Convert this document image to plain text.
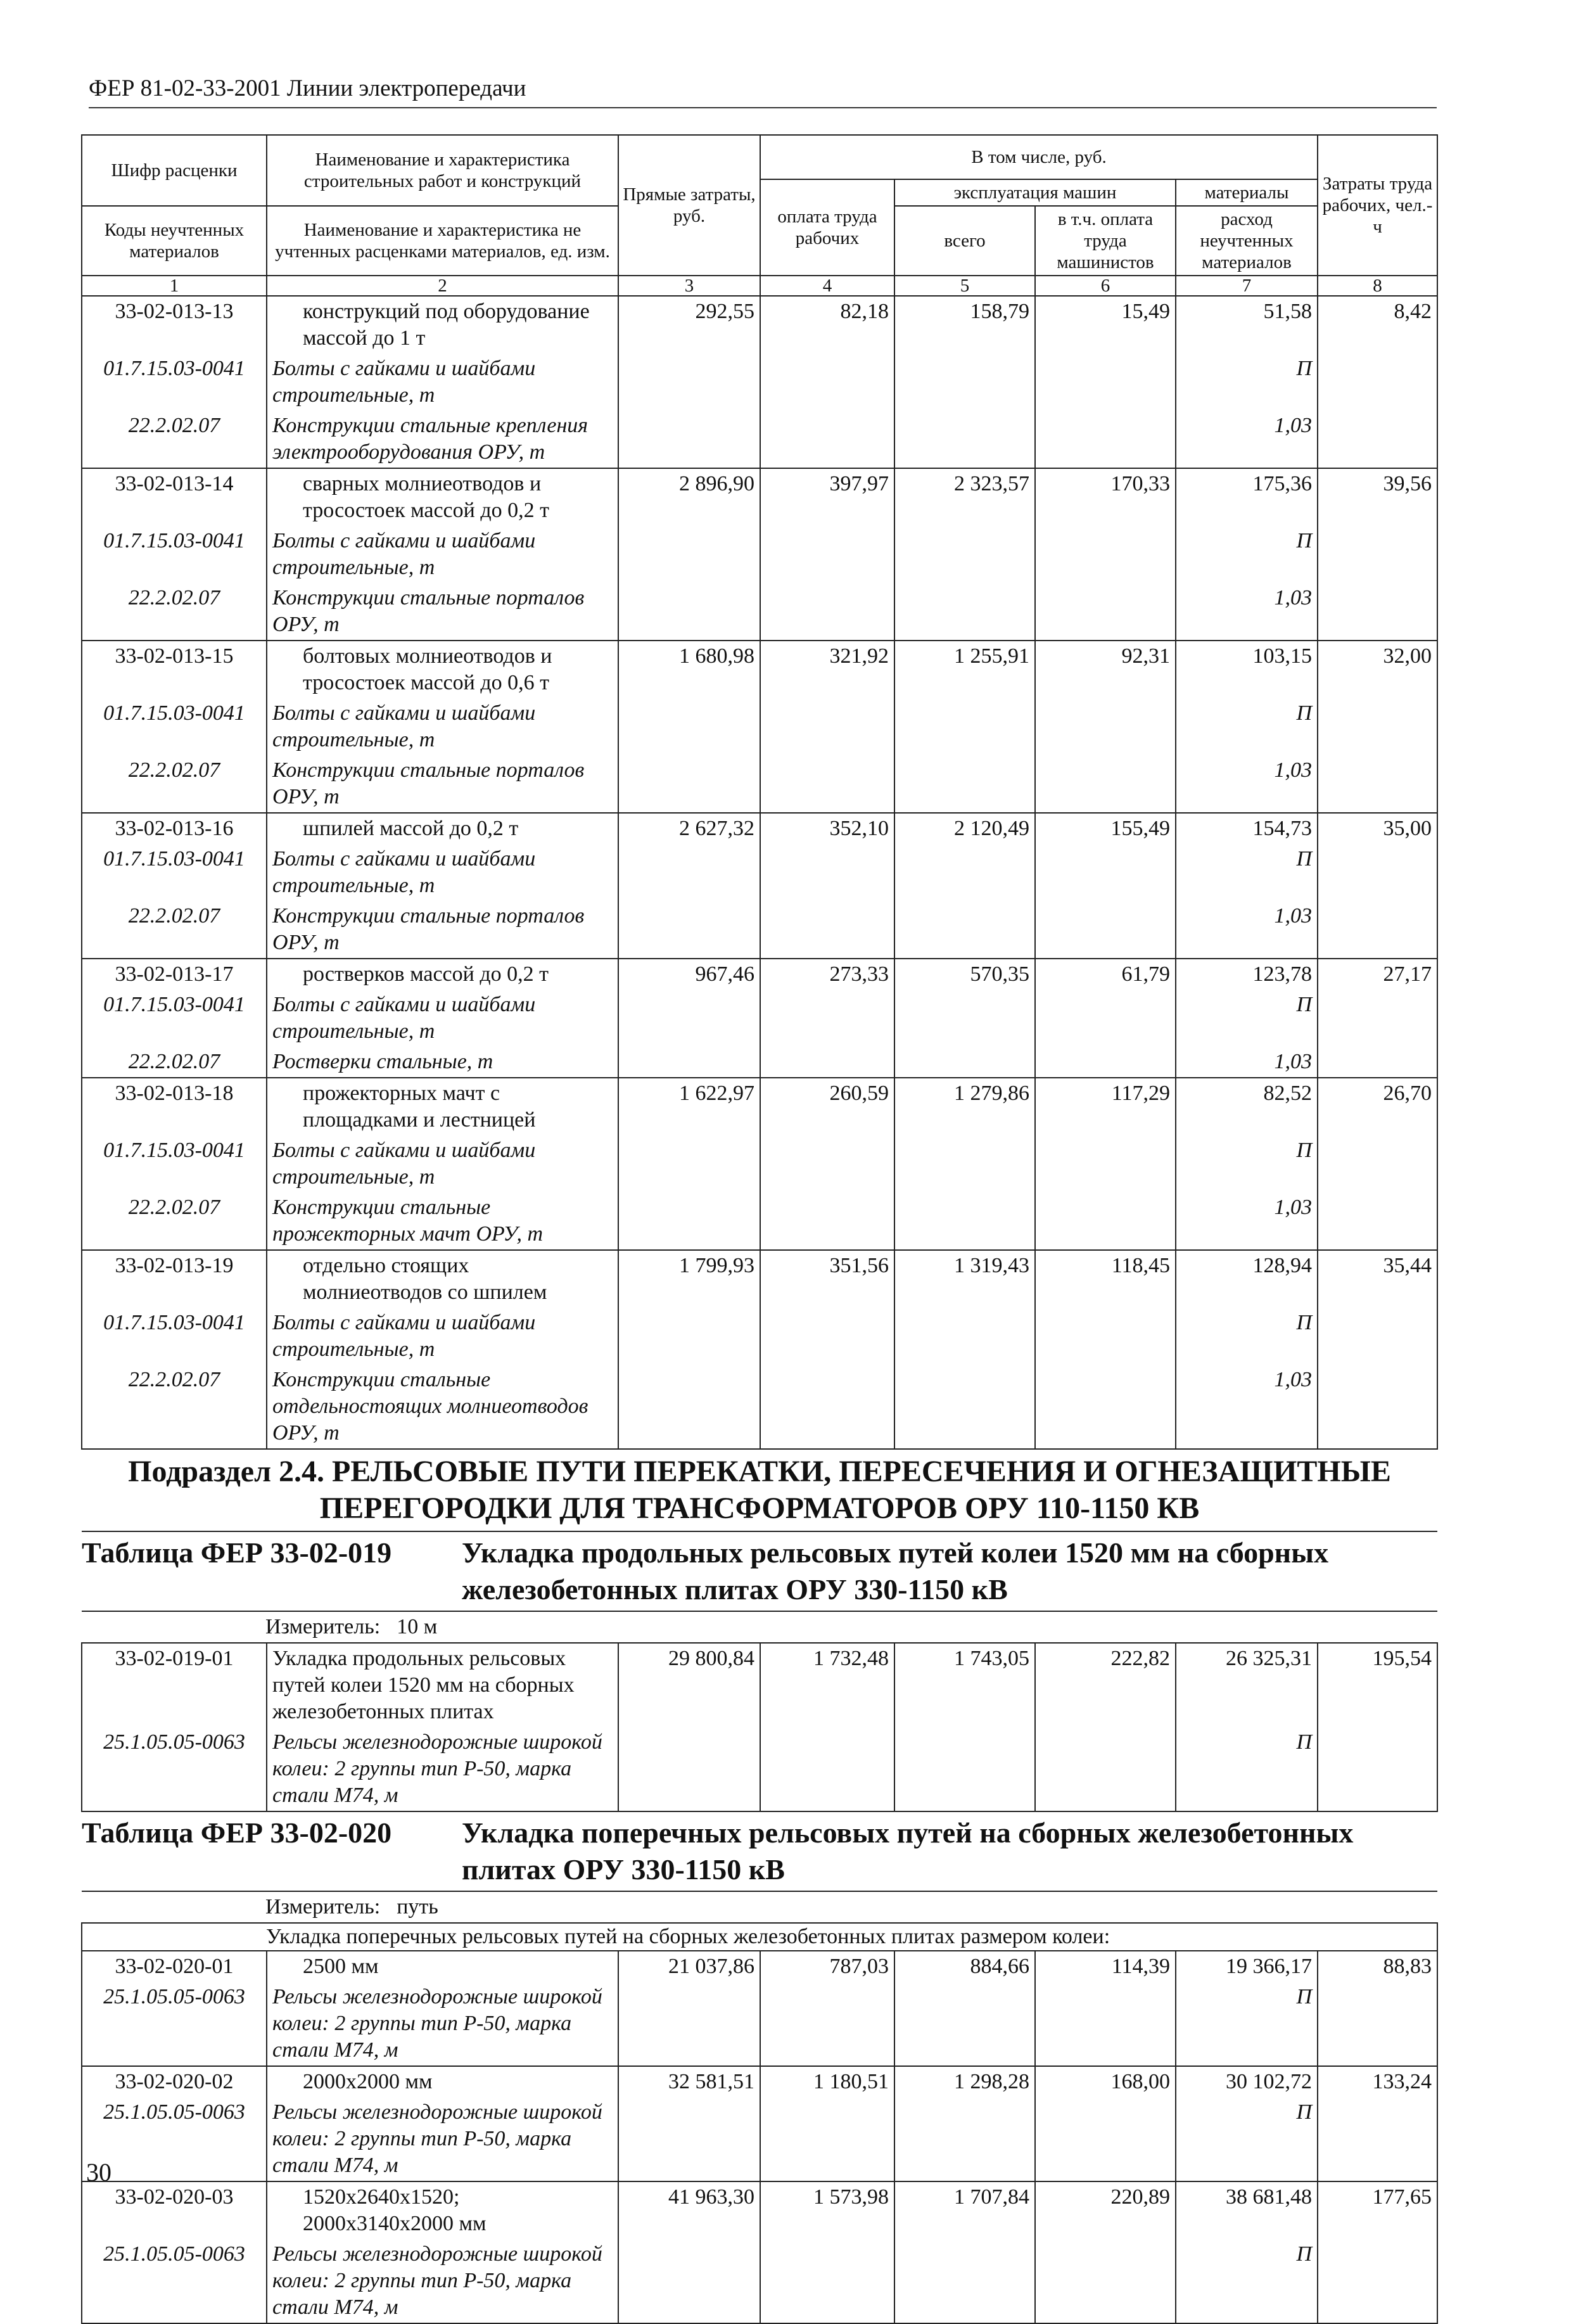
ФЕР 81-02-33-2001 Линии электропередачи
Шифр расценки	Наименование и характеристика строительных работ и конструкций	Прямые затраты, руб.	В том числе, руб.				Затраты труда рабочих, чел.-ч
			оплата труда рабочих	эксплуатация машин		материалы	
Коды неучтенных материалов	Наименование и характеристика не учтенных расценками материалов, ед. изм.			всего	в т.ч. оплата труда машинистов	расход неучтенных материалов	

1	2	3	4	5	6	7	8
33-02-013-13	конструкций под оборудование массой до 1 т	292,55	82,18	158,79	15,49	51,58	8,42
01.7.15.03-0041	Болты с гайками и шайбами строительные, т					П	
22.2.02.07	Конструкции стальные крепления электрооборудования ОРУ, т					1,03	
33-02-013-14	сварных молниеотводов и тросостоек массой до 0,2 т	2 896,90	397,97	2 323,57	170,33	175,36	39,56
01.7.15.03-0041	Болты с гайками и шайбами строительные, т					П	
22.2.02.07	Конструкции стальные порталов ОРУ, т					1,03	
33-02-013-15	болтовых молниеотводов и тросостоек массой до 0,6 т	1 680,98	321,92	1 255,91	92,31	103,15	32,00
01.7.15.03-0041	Болты с гайками и шайбами строительные, т					П	
22.2.02.07	Конструкции стальные порталов ОРУ, т					1,03	
33-02-013-16	шпилей массой до 0,2 т	2 627,32	352,10	2 120,49	155,49	154,73	35,00
01.7.15.03-0041	Болты с гайками и шайбами строительные, т					П	
22.2.02.07	Конструкции стальные порталов ОРУ, т					1,03	
33-02-013-17	ростверков массой до 0,2 т	967,46	273,33	570,35	61,79	123,78	27,17
01.7.15.03-0041	Болты с гайками и шайбами строительные, т					П	
22.2.02.07	Ростверки стальные, т					1,03	
33-02-013-18	прожекторных мачт с площадками и лестницей	1 622,97	260,59	1 279,86	117,29	82,52	26,70
01.7.15.03-0041	Болты с гайками и шайбами строительные, т					П	
22.2.02.07	Конструкции стальные прожекторных мачт ОРУ, т					1,03	
33-02-013-19	отдельно стоящих молниеотводов со шпилем	1 799,93	351,56	1 319,43	118,45	128,94	35,44
01.7.15.03-0041	Болты с гайками и шайбами строительные, т					П	
22.2.02.07	Конструкции стальные отдельностоящих молниеотводов ОРУ, т					1,03	
Подраздел 2.4. РЕЛЬСОВЫЕ ПУТИ ПЕРЕКАТКИ, ПЕРЕСЕЧЕНИЯ И ОГНЕЗАЩИТНЫЕ ПЕРЕГОРОДКИ ДЛЯ ТРАНСФОРМАТОРОВ ОРУ 110-1150 КВ							
Таблица ФЕР 33-02-019 Укладка продольных рельсовых путей колеи 1520 мм на сборных железобетонных плитах ОРУ 330-1150 кВ							
Измеритель: 10 м							
33-02-019-01	Укладка продольных рельсовых путей колеи 1520 мм на сборных железобетонных плитах	29 800,84	1 732,48	1 743,05	222,82	26 325,31	195,54
25.1.05.05-0063	Рельсы железнодорожные широкой колеи: 2 группы тип Р-50, марка стали М74, м					П	
Таблица ФЕР 33-02-020 Укладка поперечных рельсовых путей на сборных железобетонных плитах ОРУ 330-1150 кВ							
Измеритель: путь							
Укладка поперечных рельсовых путей на сборных железобетонных плитах размером колеи:							
33-02-020-01	2500 мм	21 037,86	787,03	884,66	114,39	19 366,17	88,83
25.1.05.05-0063	Рельсы железнодорожные широкой колеи: 2 группы тип Р-50, марка стали М74, м					П	
33-02-020-02	2000x2000 мм	32 581,51	1 180,51	1 298,28	168,00	30 102,72	133,24
25.1.05.05-0063	Рельсы железнодорожные широкой колеи: 2 группы тип Р-50, марка стали М74, м					П	
33-02-020-03	1520x2640x1520; 2000x3140x2000 мм	41 963,30	1 573,98	1 707,84	220,89	38 681,48	177,65
25.1.05.05-0063	Рельсы железнодорожные широкой колеи: 2 группы тип Р-50, марка стали М74, м					П	
30
